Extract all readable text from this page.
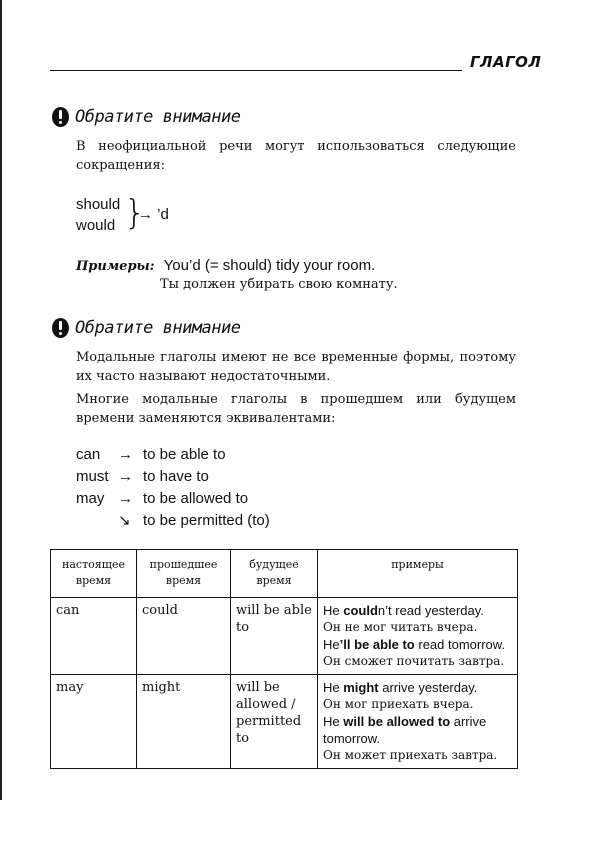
ГЛАГОЛ
Обратите внимание
В неофициальной речи могут использоваться следующие сокращения:
should
would
→ ’d
}
Примеры: You’d (= should) tidy your room.
Ты должен убирать свою комнату.
Обратите внимание
Модальные глаголы имеют не все временные формы, поэтому их часто называют недостаточными.
Многие модальные глаголы в прошедшем или будущем времени заменяются эквивалентами:
can → to be able to
must → to have to
may → to be allowed to
↘ to be permitted (to)
настоящее время	прошедшее время	будущее время	примеры
can	could	will be able to	He couldn’t read yesterday.
Он не мог читать вчера.
He’ll be able to read tomorrow.
Он сможет почитать завтра.

may	might	will be allowed / permitted to	He might arrive yesterday.
Он мог приехать вчера.
He will be allowed to arrive tomorrow.
Он может приехать завтра.
